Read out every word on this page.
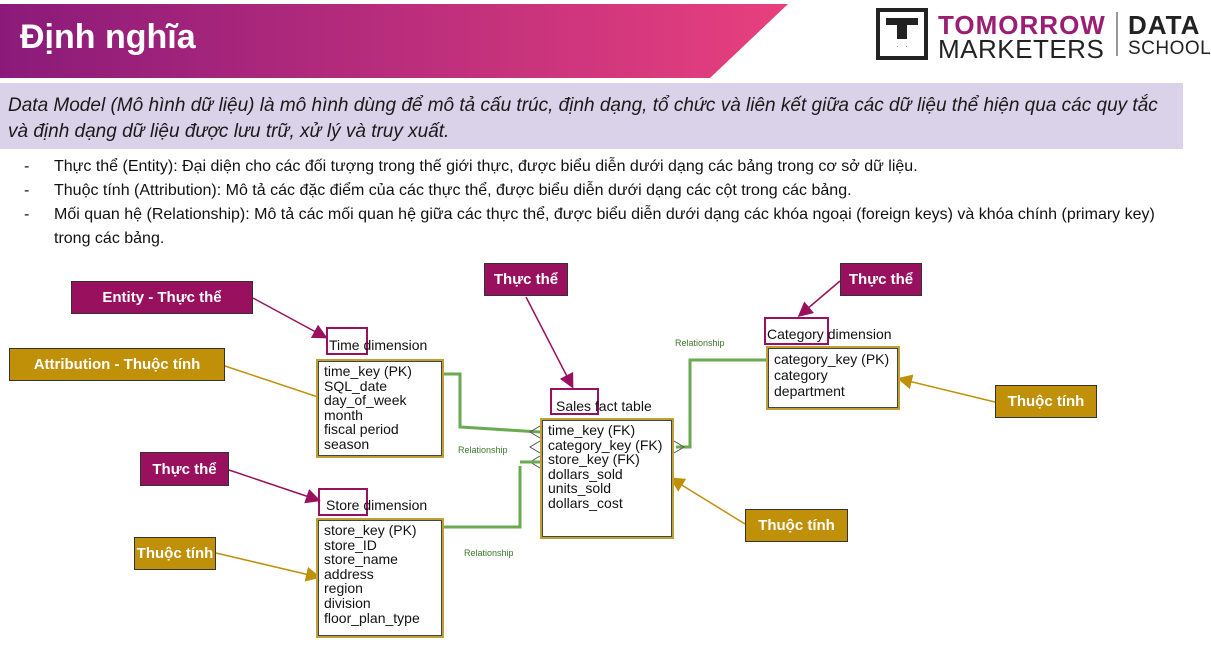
Định nghĩa	TOMORROW
MARKETERS
DATA
SCHOOL
Data Model (Mô hình dữ liệu) là mô hình dùng để mô tả cấu trúc, định dạng, tổ chức và liên kết giữa các dữ liệu thể hiện qua các quy tắc và định dạng dữ liệu được lưu trữ, xử lý và truy xuất.
- Thực thể (Entity): Đại diện cho các đối tượng trong thế giới thực, được biểu diễn dưới dạng các bảng trong cơ sở dữ liệu.
- Thuộc tính (Attribution): Mô tả các đặc điểm của các thực thể, được biểu diễn dưới dạng các cột trong các bảng.
- Mối quan hệ (Relationship): Mô tả các mối quan hệ giữa các thực thể, được biểu diễn dưới dạng các khóa ngoại (foreign keys) và khóa chính (primary key) trong các bảng.
Entity - Thực thể
Attribution - Thuộc tính
Thực thể
Thuộc tính
Thực thể
Thuộc tính
Thực thể
Thuộc tính
Time dimension
time_key (PK)
SQL_date
day_of_week
month
fiscal period
season
Store dimension
store_key (PK)
store_ID
store_name
address
region
division
floor_plan_type
Sales fact table
time_key (FK)
category_key (FK)
store_key (FK)
dollars_sold
units_sold
dollars_cost
Category dimension
category_key (PK)
category
department
Relationship
Relationship
Relationship
